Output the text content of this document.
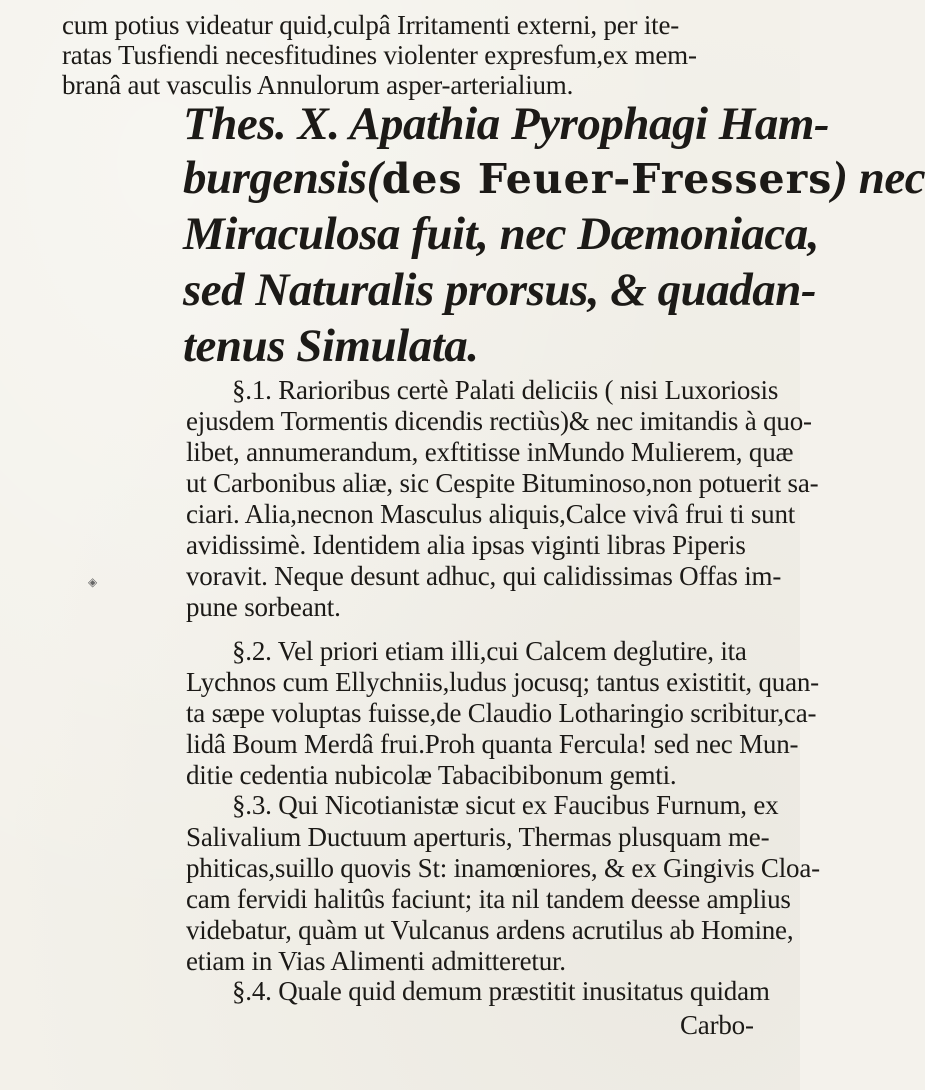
cum potius videatur quid,culpâ Irritamenti externi, per ite-
ratas Tusfiendi necesfitudines violenter expresfum,ex mem-
branâ aut vasculis Annulorum asper-arterialium.
Thes. X. Apathia Pyrophagi Ham-
burgensis(des Feuer-Fressers) nec
Miraculosa fuit, nec Dæmoniaca,
sed Naturalis prorsus, & quadan-
tenus Simulata.
§.1. Rarioribus certè Palati deliciis ( nisi Luxoriosis
ejusdem Tormentis dicendis rectiùs)& nec imitandis à quo-
libet, annumerandum, exftitisse inMundo Mulierem, quæ
ut Carbonibus aliæ, sic Cespite Bituminoso,non potuerit sa-
ciari. Alia,necnon Masculus aliquis,Calce vivâ frui ti sunt
avidissimè. Identidem alia ipsas viginti libras Piperis
voravit. Neque desunt adhuc, qui calidissimas Offas im-
pune sorbeant.
§.2. Vel priori etiam illi,cui Calcem deglutire, ita
Lychnos cum Ellychniis,ludus jocusq; tantus existitit, quan-
ta sæpe voluptas fuisse,de Claudio Lotharingio scribitur,ca-
lidâ Boum Merdâ frui.Proh quanta Fercula! sed nec Mun-
ditie cedentia nubicolæ Tabacibibonum gemti.
§.3. Qui Nicotianistæ sicut ex Faucibus Furnum, ex
Salivalium Ductuum aperturis, Thermas plusquam me-
phiticas,suillo quovis St: inamœniores, & ex Gingivis Cloa-
cam fervidi halitûs faciunt; ita nil tandem deesse amplius
videbatur, quàm ut Vulcanus ardens acrutilus ab Homine,
etiam in Vias Alimenti admitteretur.
§.4. Quale quid demum præstitit inusitatus quidam
Carbo-
◈
